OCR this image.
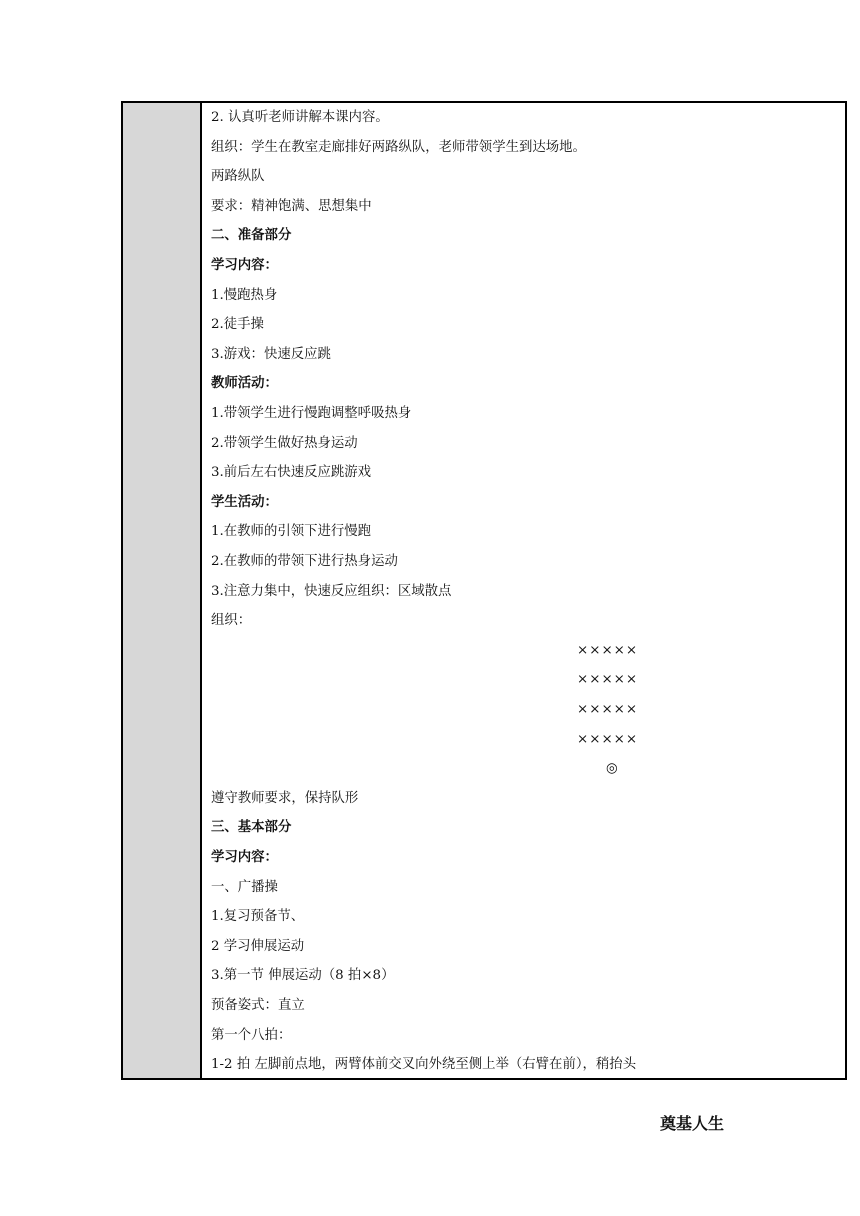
2. 认真听老师讲解本课内容。
组织：学生在教室走廊排好两路纵队，老师带领学生到达场地。
两路纵队
要求：精神饱满、思想集中
二、准备部分
学习内容：
1.慢跑热身
2.徒手操
3.游戏：快速反应跳
教师活动：
1.带领学生进行慢跑调整呼吸热身
2.带领学生做好热身运动
3.前后左右快速反应跳游戏
学生活动：
1.在教师的引领下进行慢跑
2.在教师的带领下进行热身运动
3.注意力集中，快速反应组织：区域散点
组织：
×××××
×××××
×××××
×××××
◎
遵守教师要求，保持队形
三、基本部分
学习内容：
一、广播操
1.复习预备节、
2 学习伸展运动
3.第一节 伸展运动（8 拍×8）
预备姿式：直立
第一个八拍：
1-2 拍 左脚前点地，两臂体前交叉向外绕至侧上举（右臂在前），稍抬头
奠基人生
